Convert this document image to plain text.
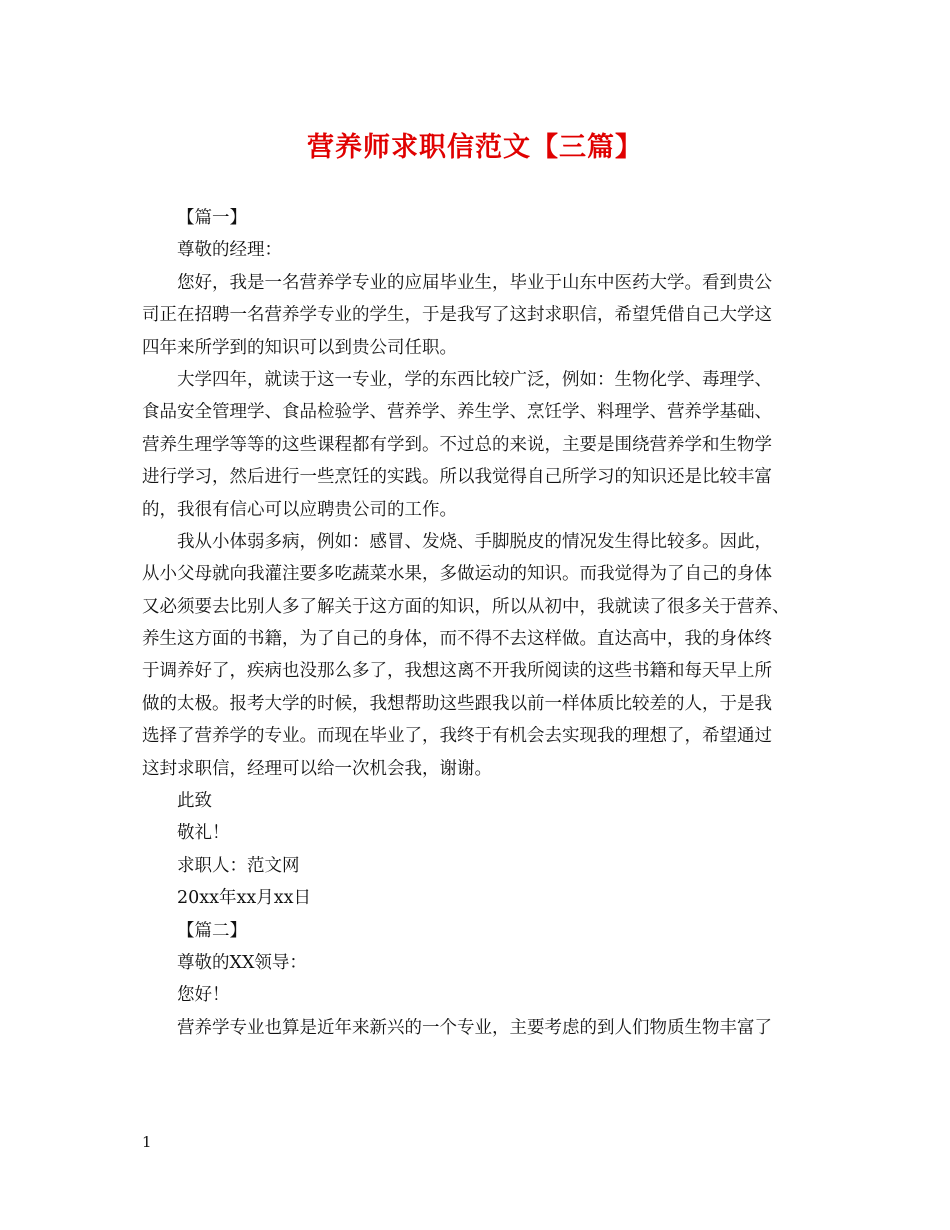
营养师求职信范文【三篇】
【篇一】
尊敬的经理：
您好，我是一名营养学专业的应届毕业生，毕业于山东中医药大学。看到贵公
司正在招聘一名营养学专业的学生，于是我写了这封求职信，希望凭借自己大学这
四年来所学到的知识可以到贵公司任职。
大学四年，就读于这一专业，学的东西比较广泛，例如：生物化学、毒理学、
食品安全管理学、食品检验学、营养学、养生学、烹饪学、料理学、营养学基础、
营养生理学等等的这些课程都有学到。不过总的来说，主要是围绕营养学和生物学
进行学习，然后进行一些烹饪的实践。所以我觉得自己所学习的知识还是比较丰富
的，我很有信心可以应聘贵公司的工作。
我从小体弱多病，例如：感冒、发烧、手脚脱皮的情况发生得比较多。因此，
从小父母就向我灌注要多吃蔬菜水果，多做运动的知识。而我觉得为了自己的身体
又必须要去比别人多了解关于这方面的知识，所以从初中，我就读了很多关于营养、
养生这方面的书籍，为了自己的身体，而不得不去这样做。直达高中，我的身体终
于调养好了，疾病也没那么多了，我想这离不开我所阅读的这些书籍和每天早上所
做的太极。报考大学的时候，我想帮助这些跟我以前一样体质比较差的人，于是我
选择了营养学的专业。而现在毕业了，我终于有机会去实现我的理想了，希望通过
这封求职信，经理可以给一次机会我，谢谢。
此致
敬礼！
求职人：范文网
20xx年xx月xx日
【篇二】
尊敬的XX领导：
您好！
营养学专业也算是近年来新兴的一个专业，主要考虑的到人们物质生物丰富了
1
